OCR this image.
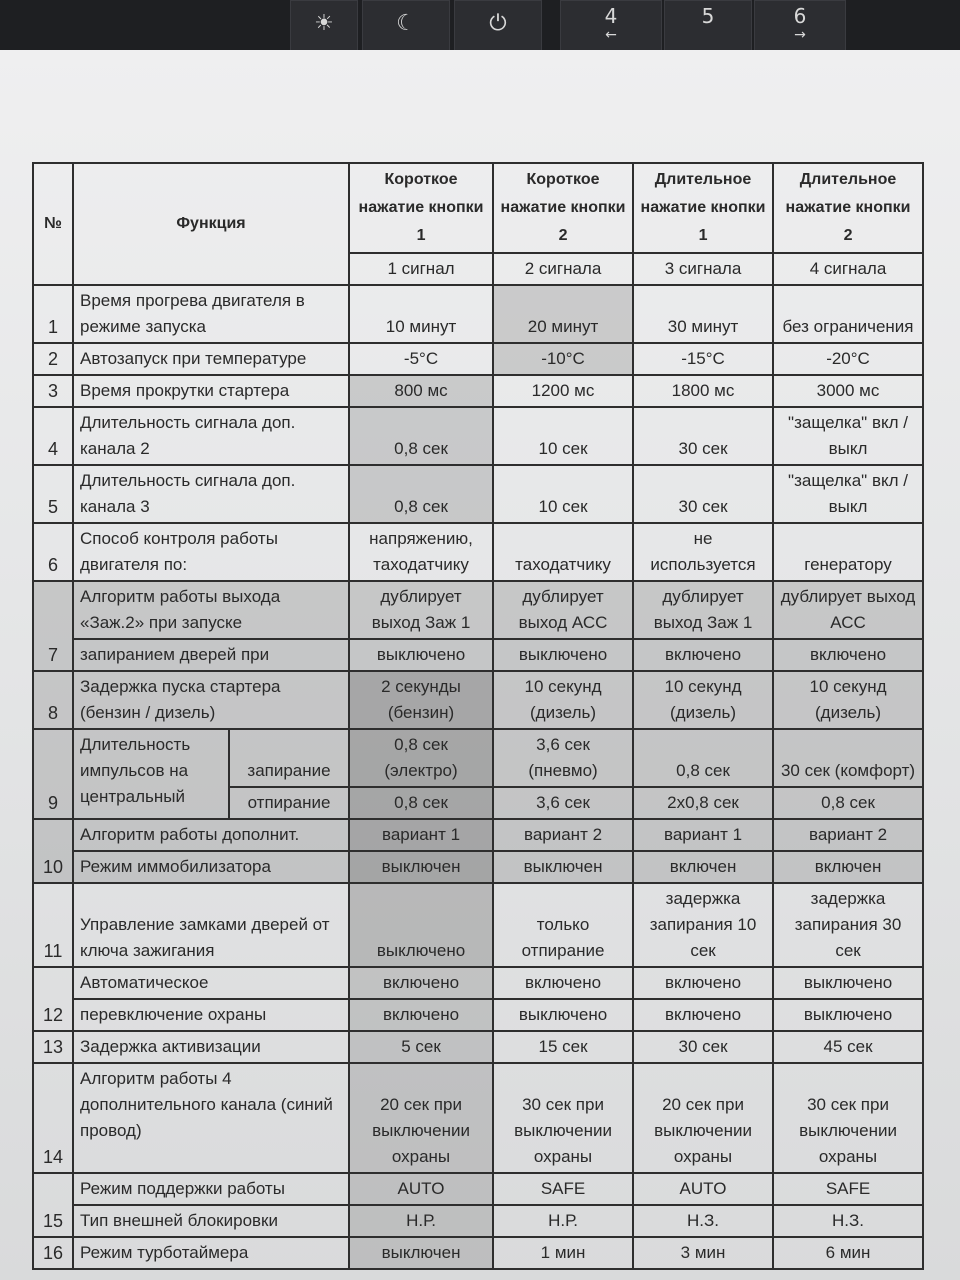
☀	☾	⏻	4
←
5	6
→
№	Функция		Короткое нажатие кнопки 1	Короткое нажатие кнопки 2	Длительное нажатие кнопки 1	Длительное нажатие кнопки 2
			1 сигнал	2 сигнала	3 сигнала	4 сигнала
1	Время прогрева двигателя в режиме запуска		10 минут	20 минут	30 минут	без ограничения
2	Автозапуск при температуре		-5°C	-10°C	-15°C	-20°C
3	Время прокрутки стартера		800 мс	1200 мс	1800 мс	3000 мс
4	Длительность сигнала доп. канала 2		0,8 сек	10 сек	30 сек	"защелка" вкл / выкл
5	Длительность сигнала доп. канала 3		0,8 сек	10 сек	30 сек	"защелка" вкл / выкл
6	Способ контроля работы двигателя по:		напряжению, таходатчику	таходатчику	не используется	генератору
7	Алгоритм работы выхода «Заж.2» при запуске		дублирует выход Заж 1	дублирует выход АСС	дублирует выход Заж 1	дублирует выход АСС
	запиранием дверей при		выключено	выключено	включено	включено
8	Задержка пуска стартера (бензин / дизель)		2 секунды (бензин)	10 секунд (дизель)	10 секунд (дизель)	10 секунд (дизель)
9	Длительность импульсов на центральный	запирание	0,8 сек (электро)	3,6 сек (пневмо)	0,8 сек	30 сек (комфорт)
		отпирание	0,8 сек	3,6 сек	2х0,8 сек	0,8 сек
10	Алгоритм работы дополнит.		вариант 1	вариант 2	вариант 1	вариант 2
	Режим иммобилизатора		выключен	выключен	включен	включен
11	Управление замками дверей от ключа зажигания		выключено	только отпирание	задержка запирания 10 сек	задержка запирания 30 сек
12	Автоматическое		включено	включено	включено	выключено
	перевключение охраны		включено	выключено	включено	выключено
13	Задержка активизации		5 сек	15 сек	30 сек	45 сек
14	Алгоритм работы 4 дополнительного канала (синий провод)		20 сек при выключении охраны	30 сек при выключении охраны	20 сек при выключении охраны	30 сек при выключении охраны
15	Режим поддержки работы		AUTO	SAFE	AUTO	SAFE
	Тип внешней блокировки		Н.Р.	Н.Р.	Н.З.	Н.З.
16	Режим турботаймера		выключен	1 мин	3 мин	6 мин
